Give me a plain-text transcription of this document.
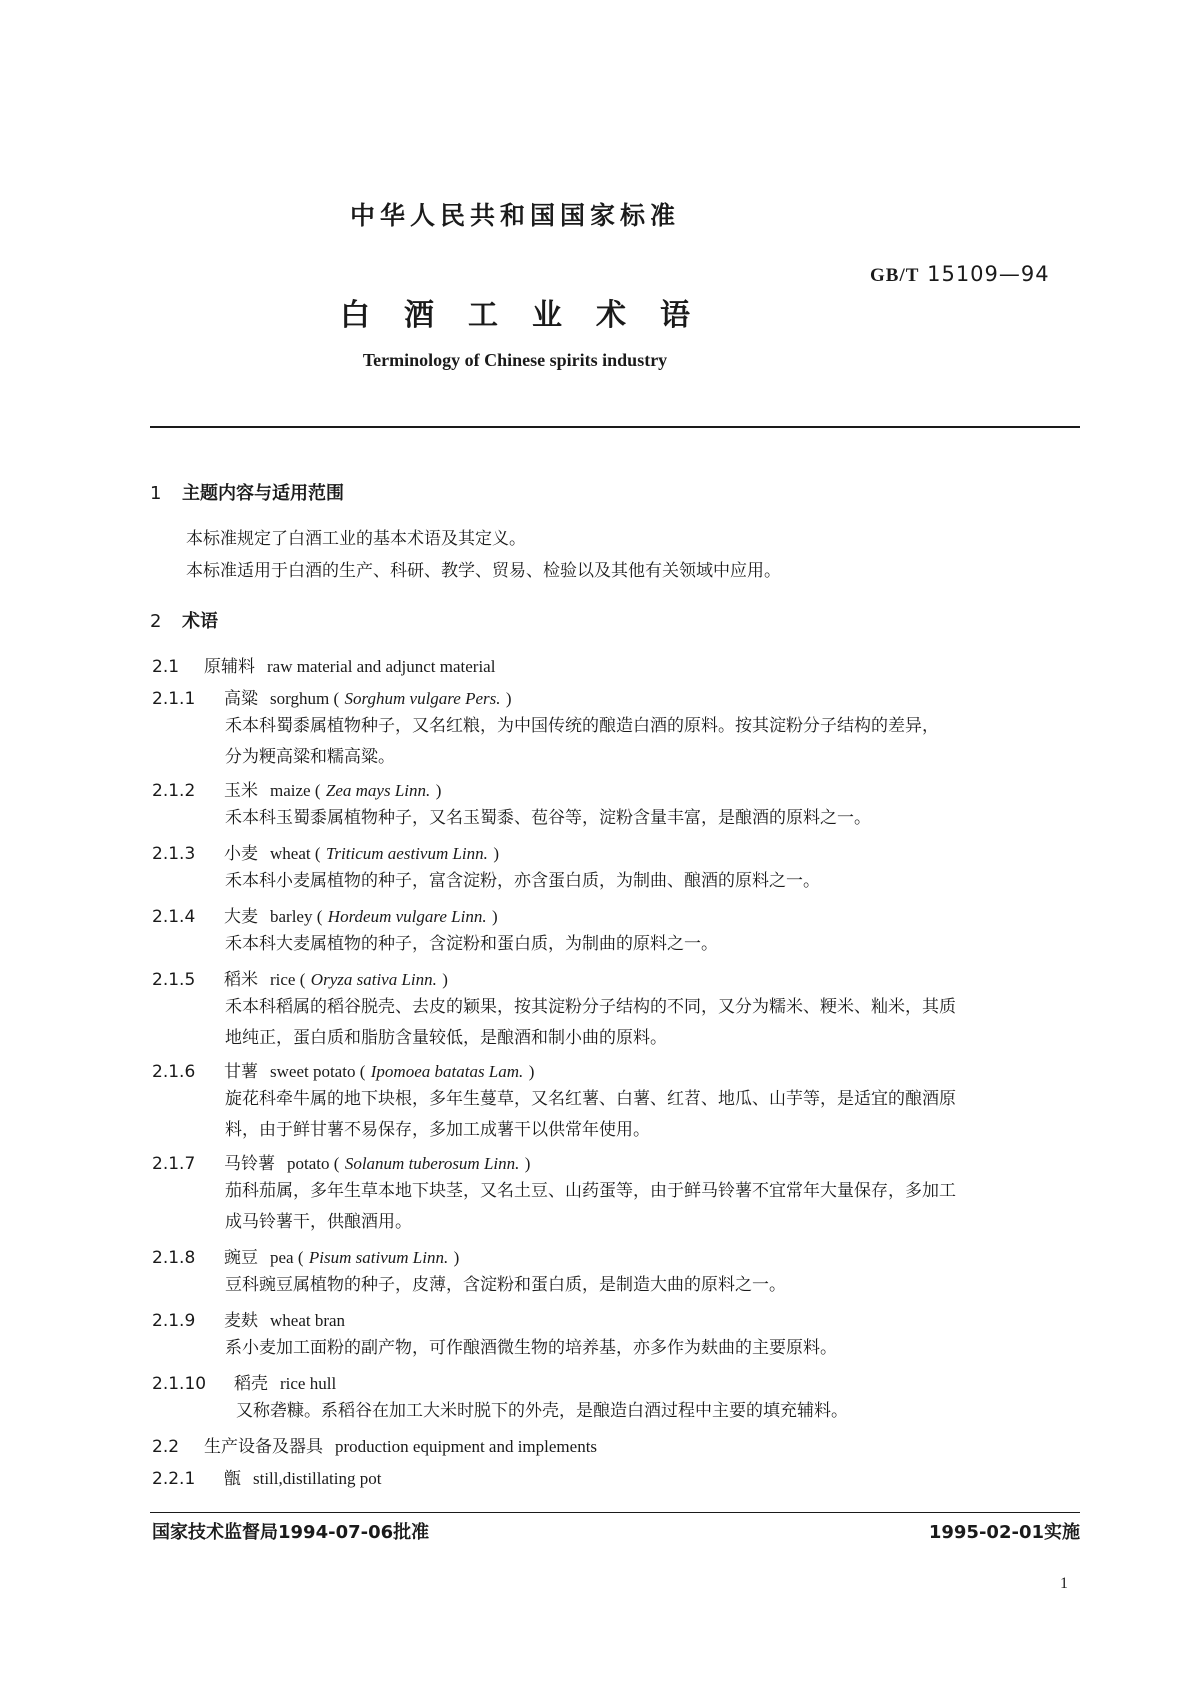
中华人民共和国国家标准
GB/T 15109—94
白酒工业术语
Terminology of Chinese spirits industry
1 主题内容与适用范围
本标准规定了白酒工业的基本术语及其定义。
本标准适用于白酒的生产、科研、教学、贸易、检验以及其他有关领域中应用。
2 术语
2.1 原辅料 raw material and adjunct material
2.1.1 高粱 sorghum ( Sorghum vulgare Pers. )
禾本科蜀黍属植物种子，又名红粮，为中国传统的酿造白酒的原料。按其淀粉分子结构的差异，
分为粳高粱和糯高粱。
2.1.2 玉米 maize ( Zea mays Linn. )
禾本科玉蜀黍属植物种子，又名玉蜀黍、苞谷等，淀粉含量丰富，是酿酒的原料之一。
2.1.3 小麦 wheat ( Triticum aestivum Linn. )
禾本科小麦属植物的种子，富含淀粉，亦含蛋白质，为制曲、酿酒的原料之一。
2.1.4 大麦 barley ( Hordeum vulgare Linn. )
禾本科大麦属植物的种子，含淀粉和蛋白质，为制曲的原料之一。
2.1.5 稻米 rice ( Oryza sativa Linn. )
禾本科稻属的稻谷脱壳、去皮的颖果，按其淀粉分子结构的不同，又分为糯米、粳米、籼米，其质
地纯正，蛋白质和脂肪含量较低，是酿酒和制小曲的原料。
2.1.6 甘薯 sweet potato ( Ipomoea batatas Lam. )
旋花科牵牛属的地下块根，多年生蔓草，又名红薯、白薯、红苕、地瓜、山芋等，是适宜的酿酒原
料，由于鲜甘薯不易保存，多加工成薯干以供常年使用。
2.1.7 马铃薯 potato ( Solanum tuberosum Linn. )
茄科茄属，多年生草本地下块茎，又名土豆、山药蛋等，由于鲜马铃薯不宜常年大量保存，多加工
成马铃薯干，供酿酒用。
2.1.8 豌豆 pea ( Pisum sativum Linn. )
豆科豌豆属植物的种子，皮薄，含淀粉和蛋白质，是制造大曲的原料之一。
2.1.9 麦麸 wheat bran
系小麦加工面粉的副产物，可作酿酒微生物的培养基，亦多作为麸曲的主要原料。
2.1.10 稻壳 rice hull
又称砻糠。系稻谷在加工大米时脱下的外壳，是酿造白酒过程中主要的填充辅料。
2.2 生产设备及器具 production equipment and implements
2.2.1 甑 still,distillating pot
国家技术监督局1994-07-06批准	1995-02-01实施
1
